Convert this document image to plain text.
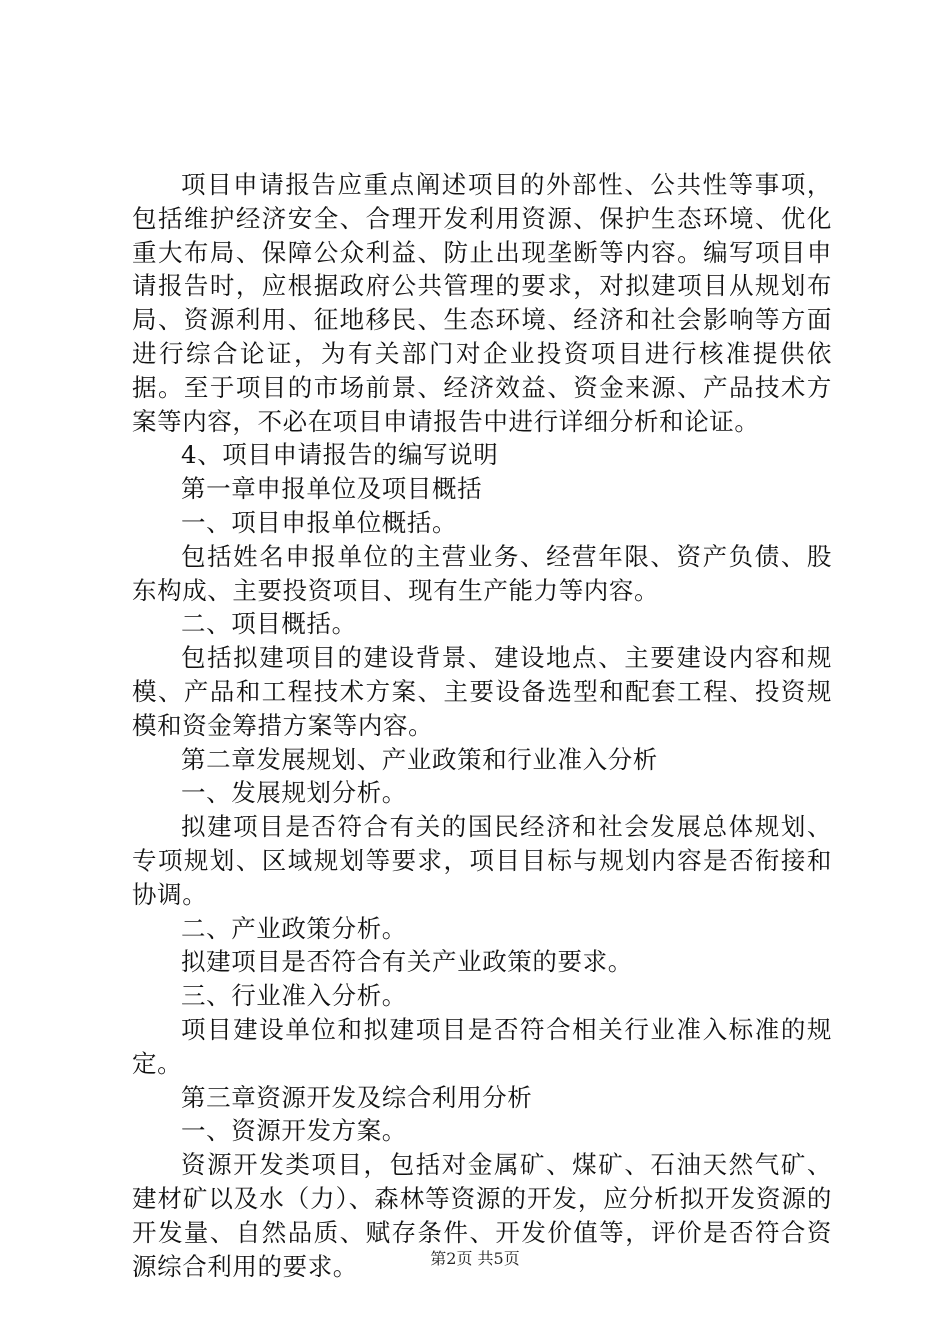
项目申请报告应重点阐述项目的外部性、公共性等事项，包括维护经济安全、合理开发利用资源、保护生态环境、优化重大布局、保障公众利益、防止出现垄断等内容。编写项目申请报告时，应根据政府公共管理的要求，对拟建项目从规划布局、资源利用、征地移民、生态环境、经济和社会影响等方面进行综合论证，为有关部门对企业投资项目进行核准提供依据。至于项目的市场前景、经济效益、资金来源、产品技术方案等内容，不必在项目申请报告中进行详细分析和论证。

4、项目申请报告的编写说明

第一章申报单位及项目概括

一、项目申报单位概括。

包括姓名申报单位的主营业务、经营年限、资产负债、股东构成、主要投资项目、现有生产能力等内容。

二、项目概括。

包括拟建项目的建设背景、建设地点、主要建设内容和规模、产品和工程技术方案、主要设备选型和配套工程、投资规模和资金筹措方案等内容。

第二章发展规划、产业政策和行业准入分析

一、发展规划分析。

拟建项目是否符合有关的国民经济和社会发展总体规划、专项规划、区域规划等要求，项目目标与规划内容是否衔接和协调。

二、产业政策分析。

拟建项目是否符合有关产业政策的要求。

三、行业准入分析。

项目建设单位和拟建项目是否符合相关行业准入标准的规定。

第三章资源开发及综合利用分析

一、资源开发方案。

资源开发类项目，包括对金属矿、煤矿、石油天然气矿、建材矿以及水（力）、森林等资源的开发，应分析拟开发资源的开发量、自然品质、赋存条件、开发价值等，评价是否符合资源综合利用的要求。	第2页 共5页
